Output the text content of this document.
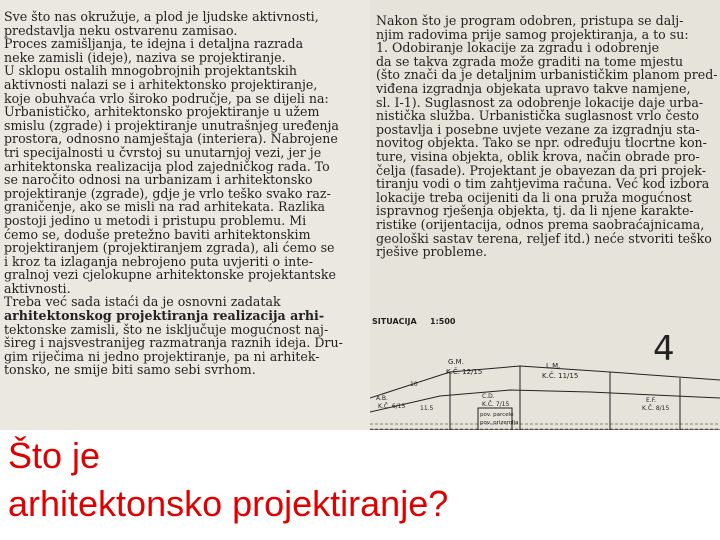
Sve što nas okružuje, a plod je ljudske aktivnosti,
predstavlja neku ostvarenu zamisao.
Proces zamišljanja, te idejna i detaljna razrada
neke zamisli (ideje), naziva se projektiranje.
U sklopu ostalih mnogobrojnih projektantskih
aktivnosti nalazi se i arhitektonsko projektiranje,
koje obuhvaća vrlo široko područje, pa se dijeli na:
Urbanističko, arhitektonsko projektiranje u užem
smislu (zgrade) i projektiranje unutrašnjeg uređenja
prostora, odnosno namještaja (interiera). Nabrojene
tri specijalnosti u čvrstoj su unutarnjoj vezi, jer je
arhitektonska realizacija plod zajedničkog rada. To
se naročito odnosi na urbanizam i arhitektonsko
projektiranje (zgrade), gdje je vrlo teško svako raz-
graničenje, ako se misli na rad arhitekata. Razlika
postoji jedino u metodi i pristupu problemu. Mi
ćemo se, doduše pretežno baviti arhitektonskim
projektiranjem (projektiranjem zgrada), ali ćemo se
i kroz ta izlaganja nebrojeno puta uvjeriti o inte-
gralnoj vezi cjelokupne arhitektonske projektantske
aktivnosti.
Treba već sada istaći da je osnovni zadatak
arhitektonskog projektiranja realizacija arhi-
tektonske zamisli, što ne isključuje mogućnost naj-
šireg i najsvestranijeg razmatranja raznih ideja. Dru-
gim riječima ni jedno projektiranje, pa ni arhitek-
tonsko, ne smije biti samo sebi svrhom.
Nakon što je program odobren, pristupa se dalj-
njim radovima prije samog projektiranja, a to su:
1. Odobiranje lokacije za zgradu i odobrenje
da se takva zgrada može graditi na tome mjestu
(što znači da je detaljnim urbanističkim planom pred-
viđena izgradnja objekata upravo takve namjene,
sl. I-1). Suglasnost za odobrenje lokacije daje urba-
nistička služba. Urbanistička suglasnost vrlo često
postavlja i posebne uvjete vezane za izgradnju sta-
novitog objekta. Tako se npr. određuju tlocrtne kon-
ture, visina objekta, oblik krova, način obrade pro-
čelja (fasade). Projektant je obavezan da pri projek-
tiranju vodi o tim zahtjevima računa. Već kod izbora
lokacije treba ocijeniti da li ona pruža mogućnost
ispravnog rješenja objekta, tj. da li njene karakte-
ristike (orijentacija, odnos prema saobraćajnicama,
geološki sastav terena, reljef itd.) neće stvoriti teško
rješive probleme.
SITUACIJA 1:500
4
G.M.
K.Č. 12/15
L.M.
K.Č. 11/15
A.B.
K.Č. 6/15
C.D.
K.Č. 7/15
pov. parcele
pov. prizemlja
E.F.
K.Č. 8/15
10
11.5
Što je
arhitektonsko projektiranje?
